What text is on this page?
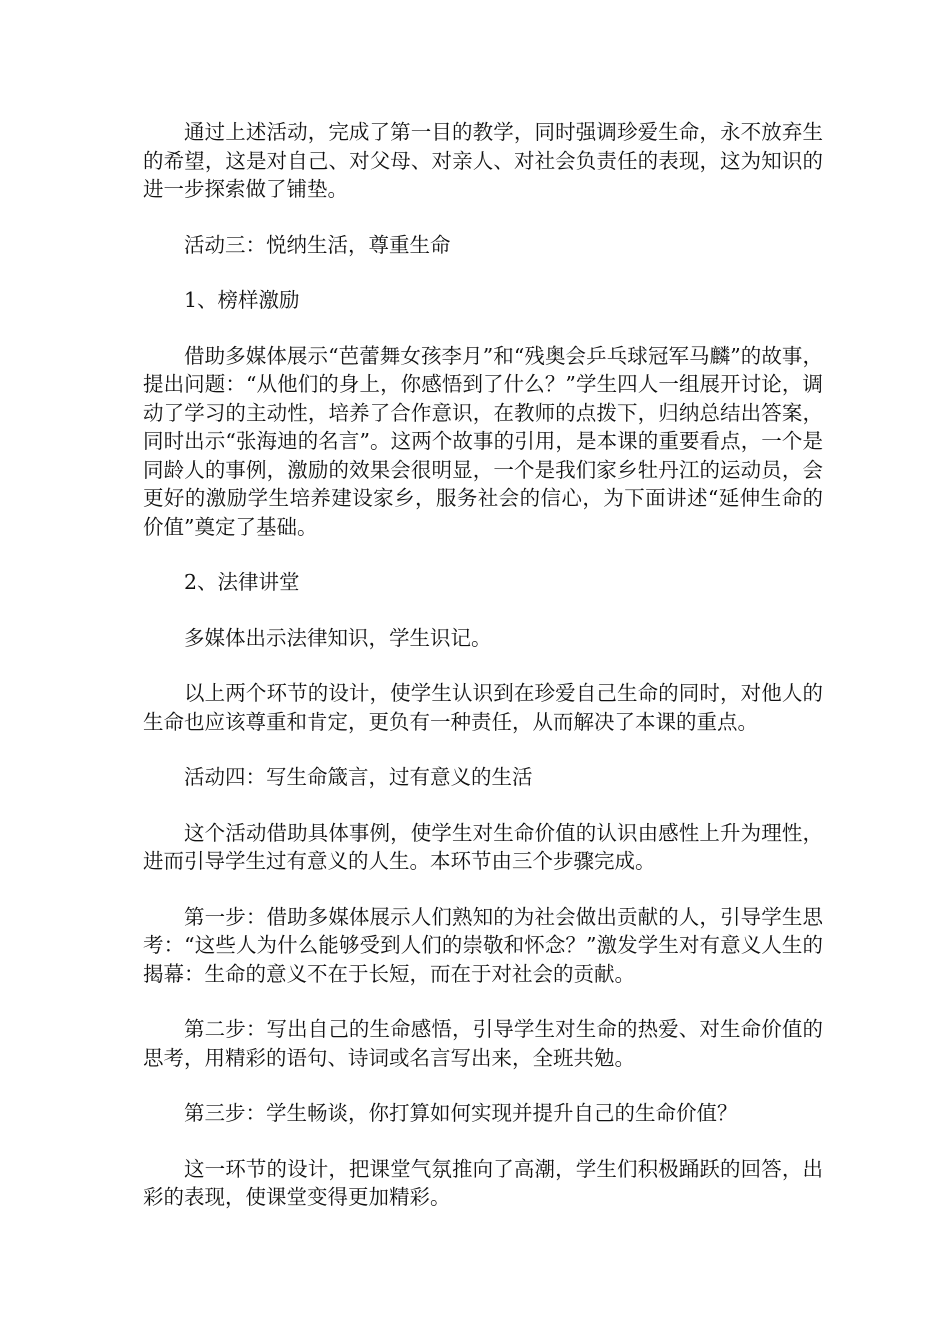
通过上述活动，完成了第一目的教学，同时强调珍爱生命，永不放弃生的希望，这是对自己、对父母、对亲人、对社会负责任的表现，这为知识的进一步探索做了铺垫。

活动三：悦纳生活，尊重生命

1、榜样激励

借助多媒体展示“芭蕾舞女孩李月”和“残奥会乒乓球冠军马麟”的故事，提出问题：“从他们的身上，你感悟到了什么？”学生四人一组展开讨论，调动了学习的主动性，培养了合作意识，在教师的点拨下，归纳总结出答案，同时出示“张海迪的名言”。这两个故事的引用，是本课的重要看点，一个是同龄人的事例，激励的效果会很明显，一个是我们家乡牡丹江的运动员，会更好的激励学生培养建设家乡，服务社会的信心，为下面讲述“延伸生命的价值”奠定了基础。

2、法律讲堂

多媒体出示法律知识，学生识记。

以上两个环节的设计，使学生认识到在珍爱自己生命的同时，对他人的生命也应该尊重和肯定，更负有一种责任，从而解决了本课的重点。

活动四：写生命箴言，过有意义的生活

这个活动借助具体事例，使学生对生命价值的认识由感性上升为理性，进而引导学生过有意义的人生。本环节由三个步骤完成。

第一步：借助多媒体展示人们熟知的为社会做出贡献的人，引导学生思考：“这些人为什么能够受到人们的崇敬和怀念？”激发学生对有意义人生的揭幕：生命的意义不在于长短，而在于对社会的贡献。

第二步：写出自己的生命感悟，引导学生对生命的热爱、对生命价值的思考，用精彩的语句、诗词或名言写出来，全班共勉。

第三步：学生畅谈，你打算如何实现并提升自己的生命价值？

这一环节的设计，把课堂气氛推向了高潮，学生们积极踊跃的回答，出彩的表现，使课堂变得更加精彩。
